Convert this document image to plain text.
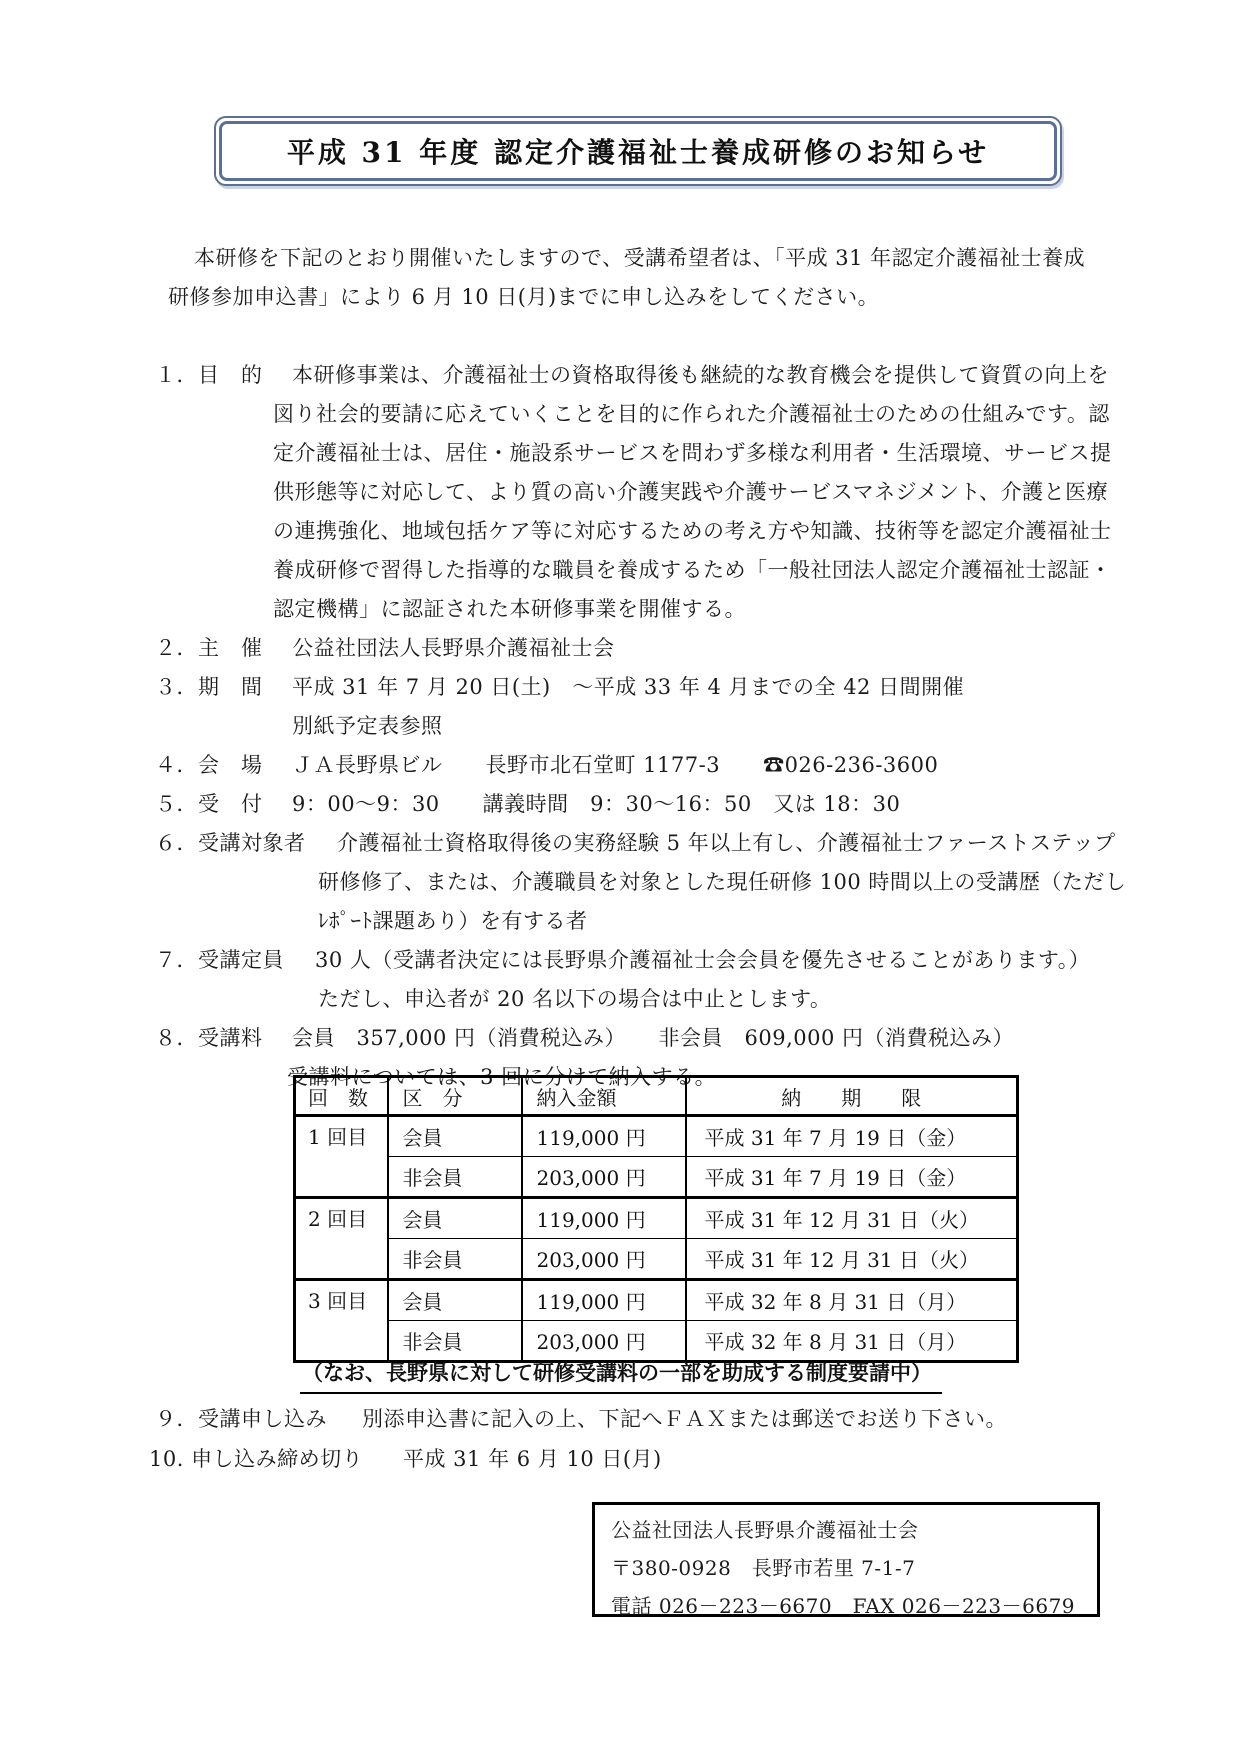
平成 31 年度 認定介護福祉士養成研修のお知らせ
本研修を下記のとおり開催いたしますので、受講希望者は、「平成 31 年認定介護福祉士養成
研修参加申込書」により 6 月 10 日(月)までに申し込みをしてください。
１．目　的 本研修事業は、介護福祉士の資格取得後も継続的な教育機会を提供して資質の向上を
図り社会的要請に応えていくことを目的に作られた介護福祉士のための仕組みです。認
定介護福祉士は、居住・施設系サービスを問わず多様な利用者・生活環境、サービス提
供形態等に対応して、より質の高い介護実践や介護サービスマネジメント、介護と医療
の連携強化、地域包括ケア等に対応するための考え方や知識、技術等を認定介護福祉士
養成研修で習得した指導的な職員を養成するため「一般社団法人認定介護福祉士認証・
認定機構」に認証された本研修事業を開催する。
２．主　催 公益社団法人長野県介護福祉士会
３．期　間 平成 31 年 7 月 20 日(土)　～平成 33 年 4 月までの全 42 日間開催
別紙予定表参照
４．会　場 ＪＡ長野県ビル　　長野市北石堂町 1177-3　　☎026-236-3600
５．受　付 9：00～9：30　　講義時間　9：30～16：50　又は 18：30
６．受講対象者 介護福祉士資格取得後の実務経験 5 年以上有し、介護福祉士ファーストステップ
研修修了、または、介護職員を対象とした現任研修 100 時間以上の受講歴（ただし
ﾚﾎﾟｰﾄ課題あり）を有する者
７．受講定員 30 人（受講者決定には長野県介護福祉士会会員を優先させることがあります。）
ただし、申込者が 20 名以下の場合は中止とします。
８．受講料 会員　357,000 円（消費税込み）　　非会員　609,000 円（消費税込み）
受講料については、3 回に分けて納入する。
回　数	区　分	納入金額	納　　期　　限
1 回目	会員	119,000 円	平成 31 年 7 月 19 日（金）
	非会員	203,000 円	平成 31 年 7 月 19 日（金）
2 回目	会員	119,000 円	平成 31 年 12 月 31 日（火）
	非会員	203,000 円	平成 31 年 12 月 31 日（火）
3 回目	会員	119,000 円	平成 32 年 8 月 31 日（月）
	非会員	203,000 円	平成 32 年 8 月 31 日（月）
（なお、長野県に対して研修受講料の一部を助成する制度要請中）
９．受講申し込み 別添申込書に記入の上、下記へＦＡＸまたは郵送でお送り下さい。
10. 申し込み締め切り 平成 31 年 6 月 10 日(月)
公益社団法人長野県介護福祉士会
〒380-0928　長野市若里 7-1-7
電話 026－223－6670　FAX 026－223－6679
